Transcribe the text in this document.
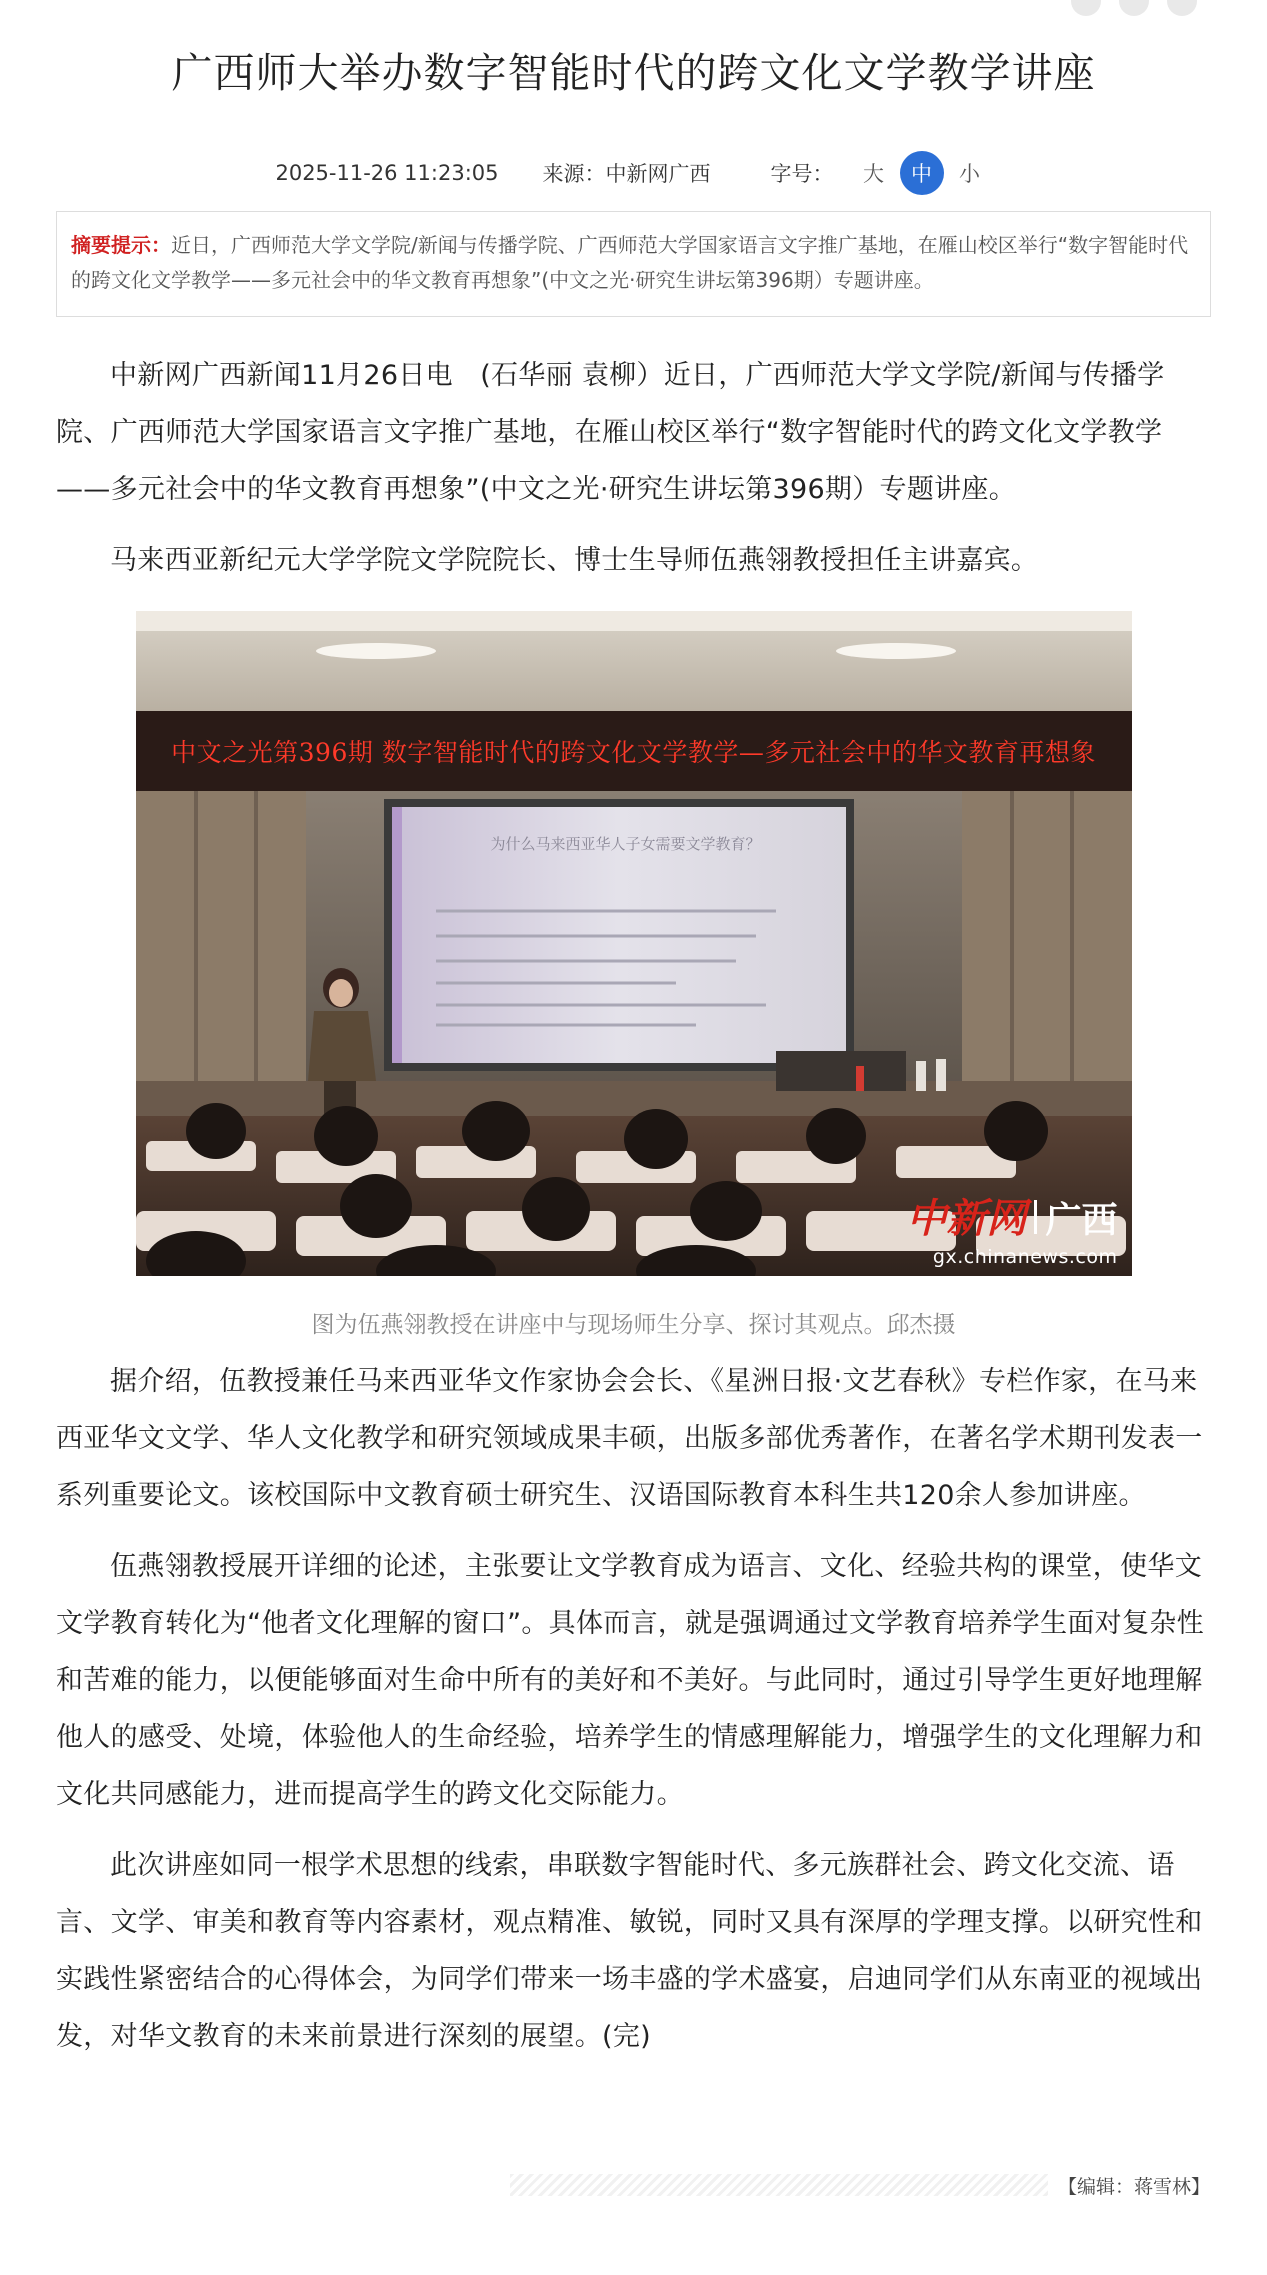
广西师大举办数字智能时代的跨文化文学教学讲座
2025-11-26 11:23:05 来源：中新网广西	字号：	大	中	小
摘要提示：近日，广西师范大学文学院/新闻与传播学院、广西师范大学国家语言文字推广基地，在雁山校区举行“数字智能时代的跨文化文学教学——多元社会中的华文教育再想象”(中文之光·研究生讲坛第396期）专题讲座。

中新网广西新闻11月26日电　(石华丽 袁柳）近日，广西师范大学文学院/新闻与传播学院、广西师范大学国家语言文字推广基地，在雁山校区举行“数字智能时代的跨文化文学教学——多元社会中的华文教育再想象”(中文之光·研究生讲坛第396期）专题讲座。

马来西亚新纪元大学学院文学院院长、博士生导师伍燕翎教授担任主讲嘉宾。

中文之光第396期 数字智能时代的跨文化文学教学—多元社会中的华文教育再想象
为什么马来西亚华人子女需要文学教育？
中新网 广西
gx.chinanews.com
图为伍燕翎教授在讲座中与现场师生分享、探讨其观点。邱杰摄

据介绍，伍教授兼任马来西亚华文作家协会会长、《星洲日报·文艺春秋》专栏作家，在马来西亚华文文学、华人文化教学和研究领域成果丰硕，出版多部优秀著作，在著名学术期刊发表一系列重要论文。该校国际中文教育硕士研究生、汉语国际教育本科生共120余人参加讲座。

伍燕翎教授展开详细的论述，主张要让文学教育成为语言、文化、经验共构的课堂，使华文文学教育转化为“他者文化理解的窗口”。具体而言，就是强调通过文学教育培养学生面对复杂性和苦难的能力，以便能够面对生命中所有的美好和不美好。与此同时，通过引导学生更好地理解他人的感受、处境，体验他人的生命经验，培养学生的情感理解能力，增强学生的文化理解力和文化共同感能力，进而提高学生的跨文化交际能力。

此次讲座如同一根学术思想的线索，串联数字智能时代、多元族群社会、跨文化交流、语言、文学、审美和教育等内容素材，观点精准、敏锐，同时又具有深厚的学理支撑。以研究性和实践性紧密结合的心得体会，为同学们带来一场丰盛的学术盛宴，启迪同学们从东南亚的视域出发，对华文教育的未来前景进行深刻的展望。(完)

【编辑：蒋雪林】
